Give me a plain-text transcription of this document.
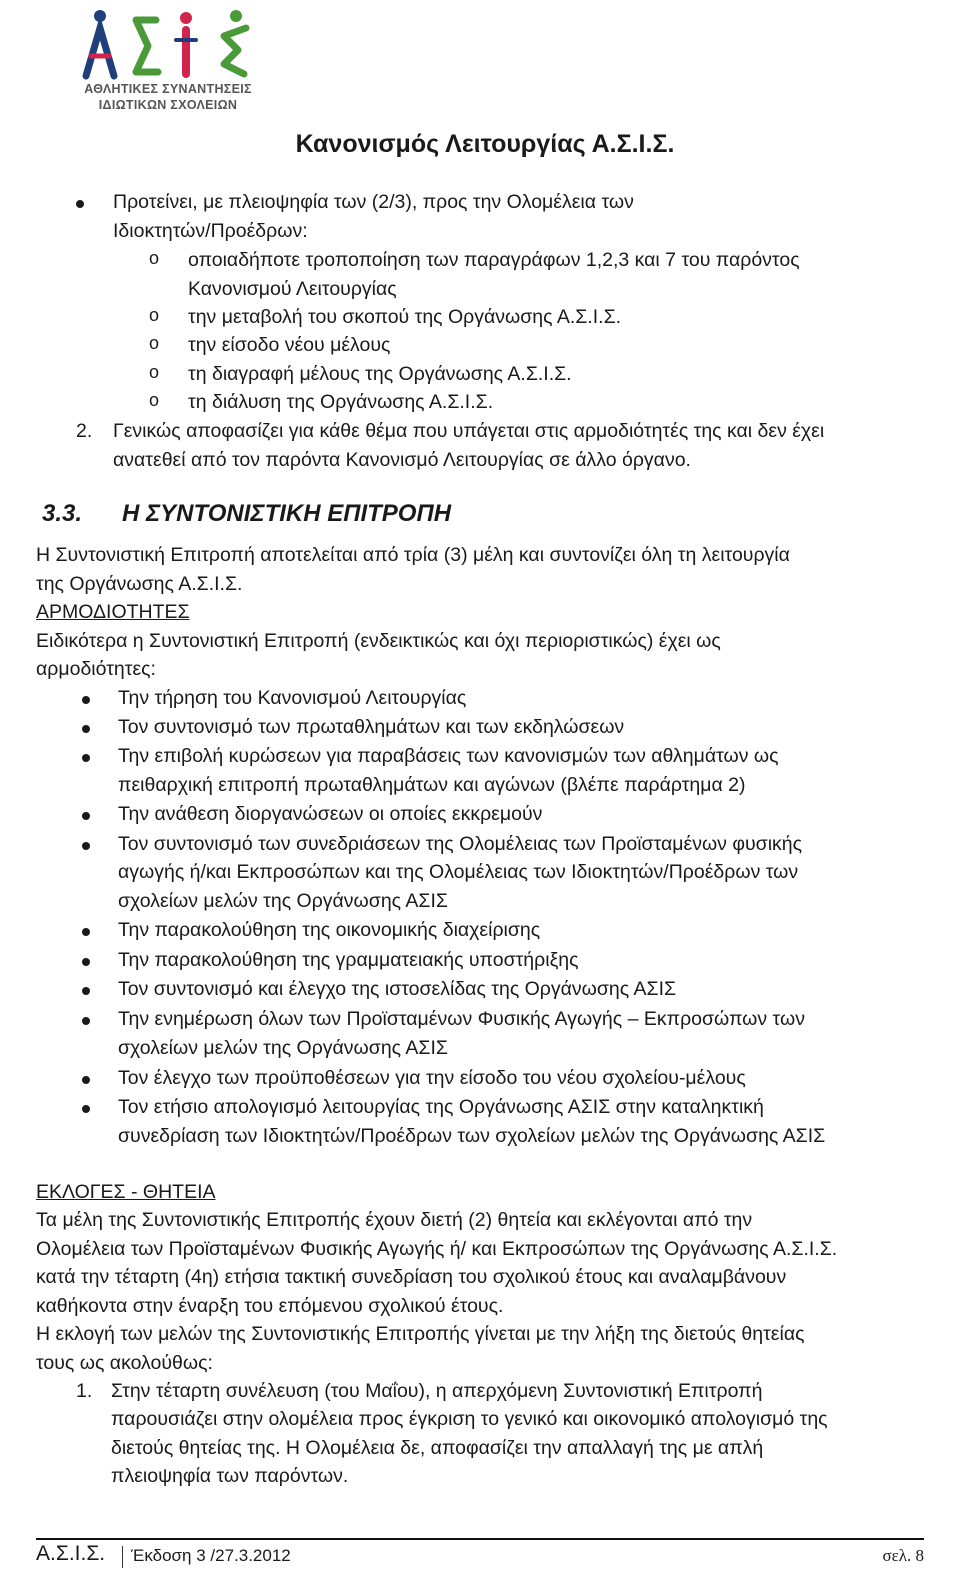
ΑΘΛΗΤΙΚΕΣ ΣΥΝΑΝΤΗΣΕΙΣ
ΙΔΙΩΤΙΚΩΝ ΣΧΟΛΕΙΩΝ
Κανονισμός Λειτουργίας Α.Σ.Ι.Σ.
Προτείνει, με πλειοψηφία των (2/3), προς την Ολομέλεια των
Ιδιοκτητών/Προέδρων:
o οποιαδήποτε τροποποίηση των παραγράφων 1,2,3 και 7 του παρόντος
Κανονισμού Λειτουργίας
o την μεταβολή του σκοπού της Οργάνωσης Α.Σ.Ι.Σ.
o την είσοδο νέου μέλους
o τη διαγραφή μέλους της Οργάνωσης Α.Σ.Ι.Σ.
o τη διάλυση της Οργάνωσης Α.Σ.Ι.Σ.
2. Γενικώς αποφασίζει για κάθε θέμα που υπάγεται στις αρμοδιότητές της και δεν έχει
ανατεθεί από τον παρόντα Κανονισμό Λειτουργίας σε άλλο όργανο.
3.3. Η ΣΥΝΤΟΝΙΣΤΙΚΗ ΕΠΙΤΡΟΠΗ
Η Συντονιστική Επιτροπή αποτελείται από τρία (3) μέλη και συντονίζει όλη τη λειτουργία
της Οργάνωσης Α.Σ.Ι.Σ.
ΑΡΜΟΔΙΟΤΗΤΕΣ
Ειδικότερα η Συντονιστική Επιτροπή (ενδεικτικώς και όχι περιοριστικώς) έχει ως
αρμοδιότητες:
Την τήρηση του Κανονισμού Λειτουργίας
Τον συντονισμό των πρωταθλημάτων και των εκδηλώσεων
Την επιβολή κυρώσεων για παραβάσεις των κανονισμών των αθλημάτων ως
πειθαρχική επιτροπή πρωταθλημάτων και αγώνων (βλέπε παράρτημα 2)
Την ανάθεση διοργανώσεων οι οποίες εκκρεμούν
Τον συντονισμό των συνεδριάσεων της Ολομέλειας των Προϊσταμένων φυσικής
αγωγής ή/και Εκπροσώπων και της Ολομέλειας των Ιδιοκτητών/Προέδρων των
σχολείων μελών της Οργάνωσης ΑΣΙΣ
Την παρακολούθηση της οικονομικής διαχείρισης
Την παρακολούθηση της γραμματειακής υποστήριξης
Τον συντονισμό και έλεγχο της ιστοσελίδας της Οργάνωσης ΑΣΙΣ
Την ενημέρωση όλων των Προϊσταμένων Φυσικής Αγωγής – Εκπροσώπων των
σχολείων μελών της Οργάνωσης ΑΣΙΣ
Τον έλεγχο των προϋποθέσεων για την είσοδο του νέου σχολείου-μέλους
Τον ετήσιο απολογισμό λειτουργίας της Οργάνωσης ΑΣΙΣ στην καταληκτική
συνεδρίαση των Ιδιοκτητών/Προέδρων των σχολείων μελών της Οργάνωσης ΑΣΙΣ
ΕΚΛΟΓΕΣ - ΘΗΤΕΙΑ
Τα μέλη της Συντονιστικής Επιτροπής έχουν διετή (2) θητεία και εκλέγονται από την
Ολομέλεια των Προϊσταμένων Φυσικής Αγωγής ή/ και Εκπροσώπων της Οργάνωσης Α.Σ.Ι.Σ.
κατά την τέταρτη (4η) ετήσια τακτική συνεδρίαση του σχολικού έτους και αναλαμβάνουν
καθήκοντα στην έναρξη του επόμενου σχολικού έτους.
Η εκλογή των μελών της Συντονιστικής Επιτροπής γίνεται με την λήξη της διετούς θητείας
τους ως ακολούθως:
1. Στην τέταρτη συνέλευση (του Μαΐου), η απερχόμενη Συντονιστική Επιτροπή
παρουσιάζει στην ολομέλεια προς έγκριση το γενικό και οικονομικό απολογισμό της
διετούς θητείας της. Η Ολομέλεια δε, αποφασίζει την απαλλαγή της με απλή
πλειοψηφία των παρόντων.
Α.Σ.Ι.Σ.	Έκδοση 3 /27.3.2012	σελ. 8
